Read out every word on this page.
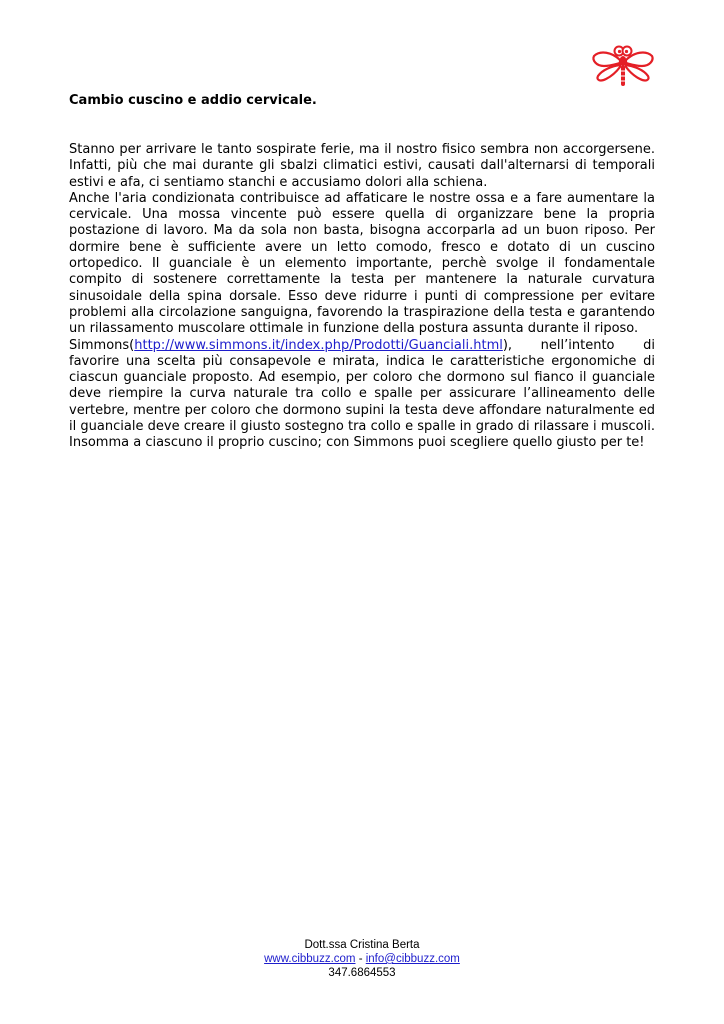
Cambio cuscino e addio cervicale.

Stanno per arrivare le tanto sospirate ferie, ma il nostro fisico sembra non accorgersene. Infatti, più che mai durante gli sbalzi climatici estivi, causati dall'alternarsi di temporali estivi e afa, ci sentiamo stanchi e accusiamo dolori alla schiena.

Anche l'aria condizionata contribuisce ad affaticare le nostre ossa e a fare aumentare la cervicale. Una mossa vincente può essere quella di organizzare bene la propria postazione di lavoro. Ma da sola non basta, bisogna accorparla ad un buon riposo. Per dormire bene è sufficiente avere un letto comodo, fresco e dotato di un cuscino ortopedico. Il guanciale è un elemento importante, perchè svolge il fondamentale compito di sostenere correttamente la testa per mantenere la naturale curvatura sinusoidale della spina dorsale. Esso deve ridurre i punti di compressione per evitare problemi alla circolazione sanguigna, favorendo la traspirazione della testa e garantendo un rilassamento muscolare ottimale in funzione della postura assunta durante il riposo.

Simmons(http://www.simmons.it/index.php/Prodotti/Guanciali.html), nell’intento di favorire una scelta più consapevole e mirata, indica le caratteristiche ergonomiche di ciascun guanciale proposto. Ad esempio, per coloro che dormono sul fianco il guanciale deve riempire la curva naturale tra collo e spalle per assicurare l’allineamento delle vertebre, mentre per coloro che dormono supini la testa deve affondare naturalmente ed il guanciale deve creare il giusto sostegno tra collo e spalle in grado di rilassare i muscoli. Insomma a ciascuno il proprio cuscino; con Simmons puoi scegliere quello giusto per te!

Dott.ssa Cristina Berta
www.cibbuzz.com - info@cibbuzz.com
347.6864553
